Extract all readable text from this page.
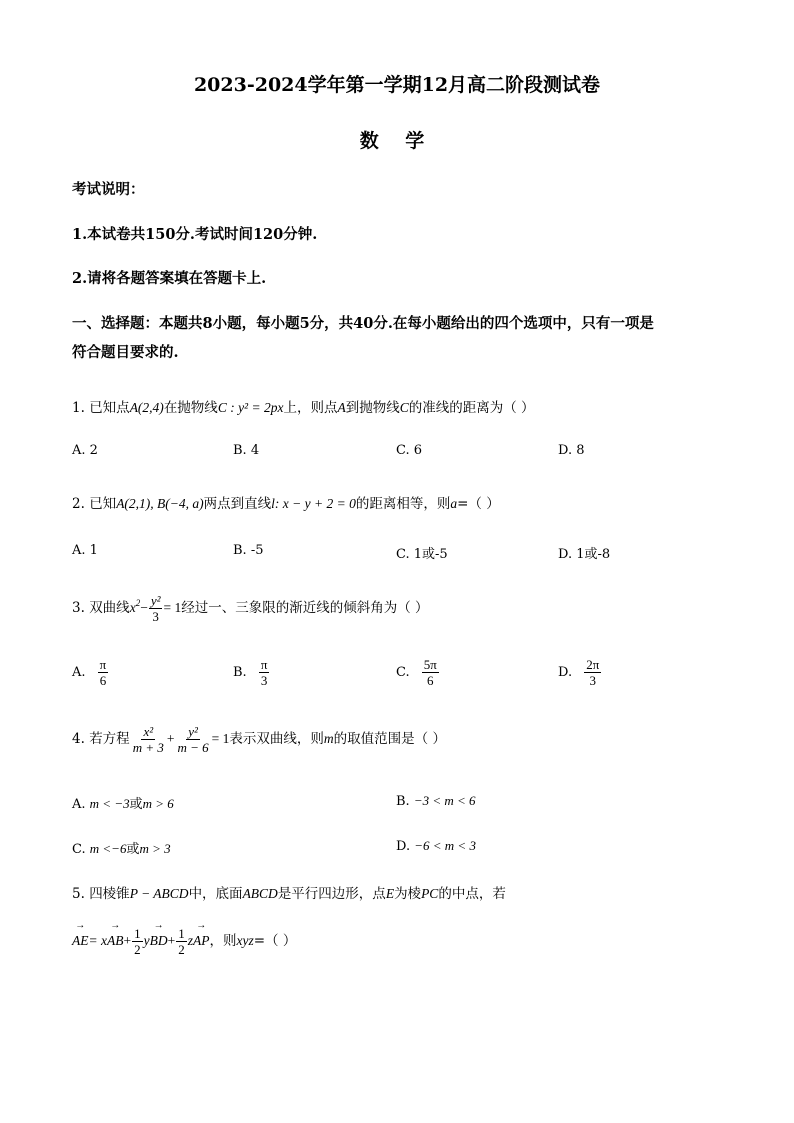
2023-2024学年第一学期12月高二阶段测试卷
数 学
考试说明：
1.本试卷共150分.考试时间120分钟.
2.请将各题答案填在答题卡上.
一、选择题：本题共8小题，每小题5分，共40分.在每小题给出的四个选项中，只有一项是
符合题目要求的.
1. 已知点A(2,4)在抛物线C : y² = 2px上，则点A到抛物线C的准线的距离为（ ）
A. 2	B. 4	C. 6	D. 8
2. 已知A(2,1), B(−4, a)两点到直线l: x − y + 2 = 0的距离相等，则a=（ ）
A. 1	B. -5	C. 1或-5	D. 1或-8
3. 双曲线$x^2- \frac{\text{y²}}{3} = 1$经过一、三象限的渐近线的倾斜角为（ ）
A. $\frac{\pi}{6}$	B. $\frac{\pi}{3}$	C. $\frac{5\pi}{6}$	D. $\frac{2\pi}{3}$
4. 若方程 $\frac{\text{x²}}{m + 3} + \frac{\text{y²}}{m - 6} = 1$表示双曲线，则m的取值范围是（ ）
A. m < −3或m > 6	B. −3 < m < 6
C. m <−6或m > 3	D. −6 < m < 3
5. 四棱锥P − ABCD中，底面ABCD是平行四边形，点E为棱PC的中点，若
→ $AE= x\to AB+ \frac{1}{2} y\to BD+ \frac{1}{2} z\to$ AP，则xyz=（ ）
